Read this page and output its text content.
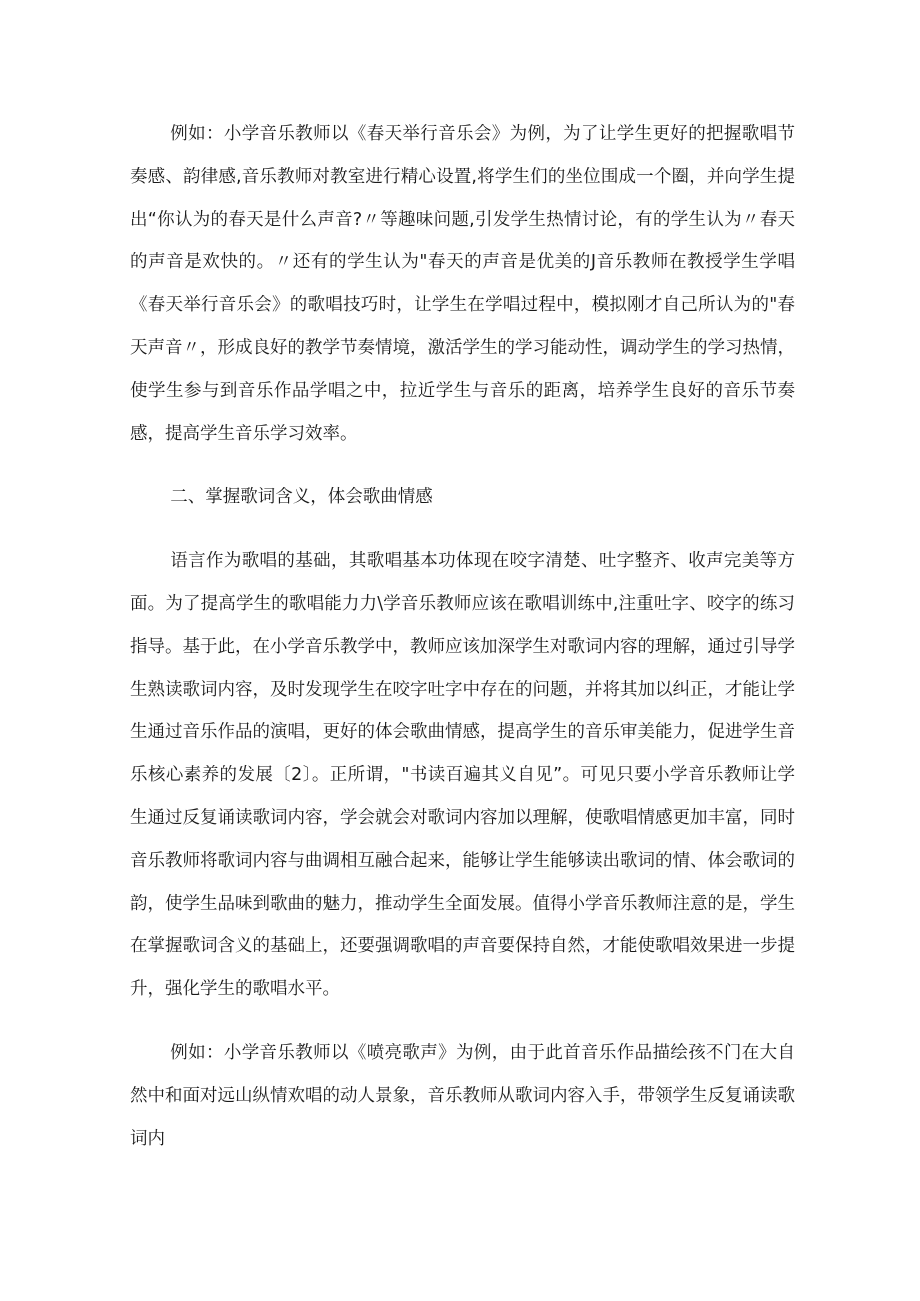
例如：小学音乐教师以《春天举行音乐会》为例，为了让学生更好的把握歌唱节奏感、韵律感,音乐教师对教室进行精心设置,将学生们的坐位围成一个圈，并向学生提出“你认为的春天是什么声音?〃等趣味问题,引发学生热情讨论，有的学生认为〃春天的声音是欢快的。〃还有的学生认为"春天的声音是优美的J音乐教师在教授学生学唱《春天举行音乐会》的歌唱技巧时，让学生在学唱过程中，模拟刚才自己所认为的"春天声音〃，形成良好的教学节奏情境，激活学生的学习能动性，调动学生的学习热情，使学生参与到音乐作品学唱之中，拉近学生与音乐的距离，培养学生良好的音乐节奏感，提高学生音乐学习效率。

二、掌握歌词含义，体会歌曲情感

语言作为歌唱的基础，其歌唱基本功体现在咬字清楚、吐字整齐、收声完美等方面。为了提高学生的歌唱能力力\学音乐教师应该在歌唱训练中,注重吐字、咬字的练习指导。基于此，在小学音乐教学中，教师应该加深学生对歌词内容的理解，通过引导学生熟读歌词内容，及时发现学生在咬字吐字中存在的问题，并将其加以纠正，才能让学生通过音乐作品的演唱，更好的体会歌曲情感，提高学生的音乐审美能力，促进学生音乐核心素养的发展〔2〕。正所谓，"书读百遍其义自见”。可见只要小学音乐教师让学生通过反复诵读歌词内容，学会就会对歌词内容加以理解，使歌唱情感更加丰富，同时音乐教师将歌词内容与曲调相互融合起来，能够让学生能够读出歌词的情、体会歌词的韵，使学生品味到歌曲的魅力，推动学生全面发展。值得小学音乐教师注意的是，学生在掌握歌词含义的基础上，还要强调歌唱的声音要保持自然，才能使歌唱效果进一步提升，强化学生的歌唱水平。

例如：小学音乐教师以《喷亮歌声》为例，由于此首音乐作品描绘孩不门在大自然中和面对远山纵情欢唱的动人景象，音乐教师从歌词内容入手，带领学生反复诵读歌词内
